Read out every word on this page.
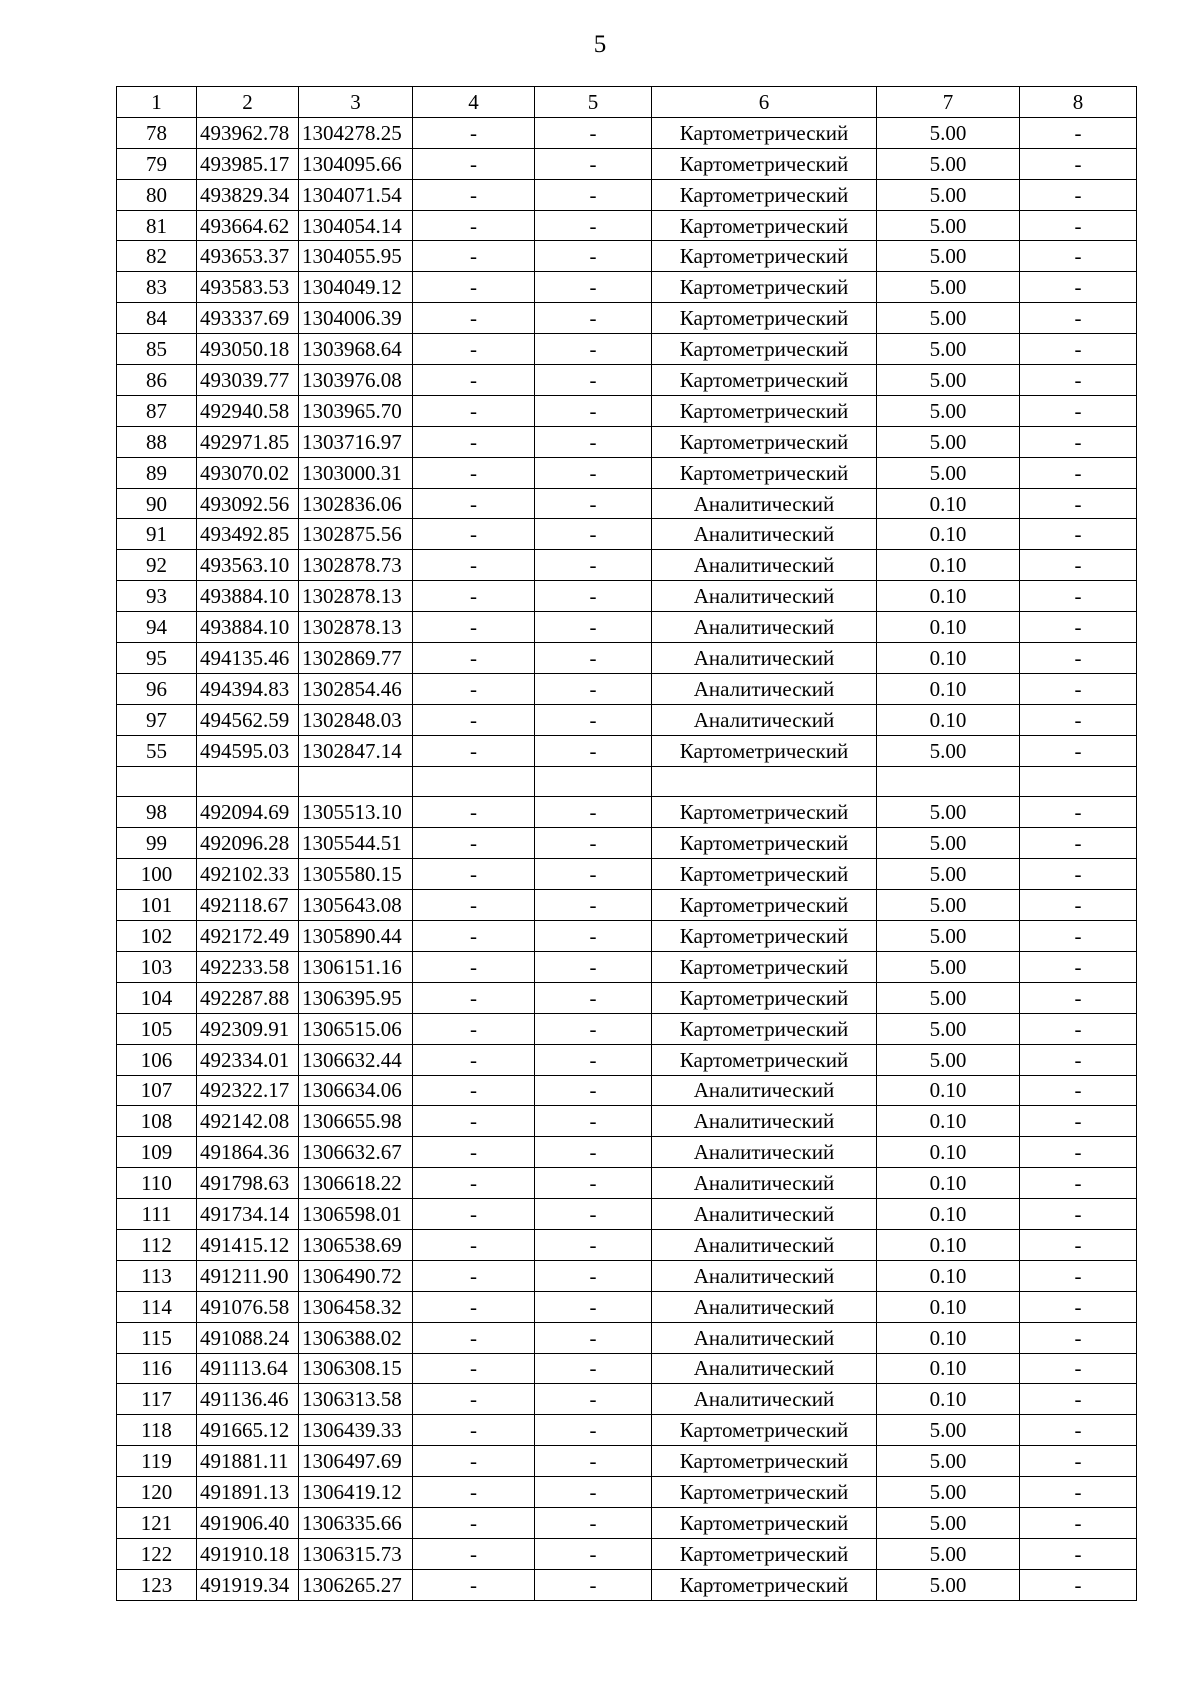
5
1	2	3	4	5	6	7	8
78	493962.78	1304278.25	-	-	Картометрический	5.00	-
79	493985.17	1304095.66	-	-	Картометрический	5.00	-
80	493829.34	1304071.54	-	-	Картометрический	5.00	-
81	493664.62	1304054.14	-	-	Картометрический	5.00	-
82	493653.37	1304055.95	-	-	Картометрический	5.00	-
83	493583.53	1304049.12	-	-	Картометрический	5.00	-
84	493337.69	1304006.39	-	-	Картометрический	5.00	-
85	493050.18	1303968.64	-	-	Картометрический	5.00	-
86	493039.77	1303976.08	-	-	Картометрический	5.00	-
87	492940.58	1303965.70	-	-	Картометрический	5.00	-
88	492971.85	1303716.97	-	-	Картометрический	5.00	-
89	493070.02	1303000.31	-	-	Картометрический	5.00	-
90	493092.56	1302836.06	-	-	Аналитический	0.10	-
91	493492.85	1302875.56	-	-	Аналитический	0.10	-
92	493563.10	1302878.73	-	-	Аналитический	0.10	-
93	493884.10	1302878.13	-	-	Аналитический	0.10	-
94	493884.10	1302878.13	-	-	Аналитический	0.10	-
95	494135.46	1302869.77	-	-	Аналитический	0.10	-
96	494394.83	1302854.46	-	-	Аналитический	0.10	-
97	494562.59	1302848.03	-	-	Аналитический	0.10	-
55	494595.03	1302847.14	-	-	Картометрический	5.00	-

98	492094.69	1305513.10	-	-	Картометрический	5.00	-
99	492096.28	1305544.51	-	-	Картометрический	5.00	-
100	492102.33	1305580.15	-	-	Картометрический	5.00	-
101	492118.67	1305643.08	-	-	Картометрический	5.00	-
102	492172.49	1305890.44	-	-	Картометрический	5.00	-
103	492233.58	1306151.16	-	-	Картометрический	5.00	-
104	492287.88	1306395.95	-	-	Картометрический	5.00	-
105	492309.91	1306515.06	-	-	Картометрический	5.00	-
106	492334.01	1306632.44	-	-	Картометрический	5.00	-
107	492322.17	1306634.06	-	-	Аналитический	0.10	-
108	492142.08	1306655.98	-	-	Аналитический	0.10	-
109	491864.36	1306632.67	-	-	Аналитический	0.10	-
110	491798.63	1306618.22	-	-	Аналитический	0.10	-
111	491734.14	1306598.01	-	-	Аналитический	0.10	-
112	491415.12	1306538.69	-	-	Аналитический	0.10	-
113	491211.90	1306490.72	-	-	Аналитический	0.10	-
114	491076.58	1306458.32	-	-	Аналитический	0.10	-
115	491088.24	1306388.02	-	-	Аналитический	0.10	-
116	491113.64	1306308.15	-	-	Аналитический	0.10	-
117	491136.46	1306313.58	-	-	Аналитический	0.10	-
118	491665.12	1306439.33	-	-	Картометрический	5.00	-
119	491881.11	1306497.69	-	-	Картометрический	5.00	-
120	491891.13	1306419.12	-	-	Картометрический	5.00	-
121	491906.40	1306335.66	-	-	Картометрический	5.00	-
122	491910.18	1306315.73	-	-	Картометрический	5.00	-
123	491919.34	1306265.27	-	-	Картометрический	5.00	-
